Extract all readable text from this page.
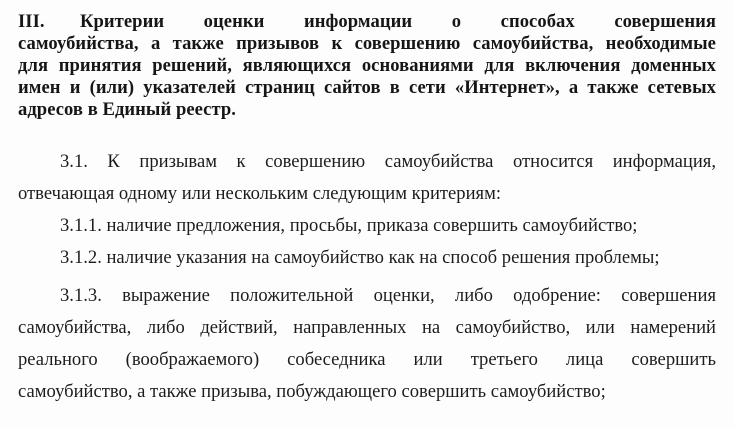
III. Критерии оценки информации о способах совершения
самоубийства, а также призывов к совершению самоубийства, необходимые
для принятия решений, являющихся основаниями для включения доменных
имен и (или) указателей страниц сайтов в сети «Интернет», а также сетевых
адресов в Единый реестр.
3.1. К призывам к совершению самоубийства относится информация,
отвечающая одному или нескольким следующим критериям:
3.1.1. наличие предложения, просьбы, приказа совершить самоубийство;
3.1.2. наличие указания на самоубийство как на способ решения проблемы;
3.1.3. выражение положительной оценки, либо одобрение: совершения
самоубийства, либо действий, направленных на самоубийство, или намерений
реального (воображаемого) собеседника или третьего лица совершить
самоубийство, а также призыва, побуждающего совершить самоубийство;
